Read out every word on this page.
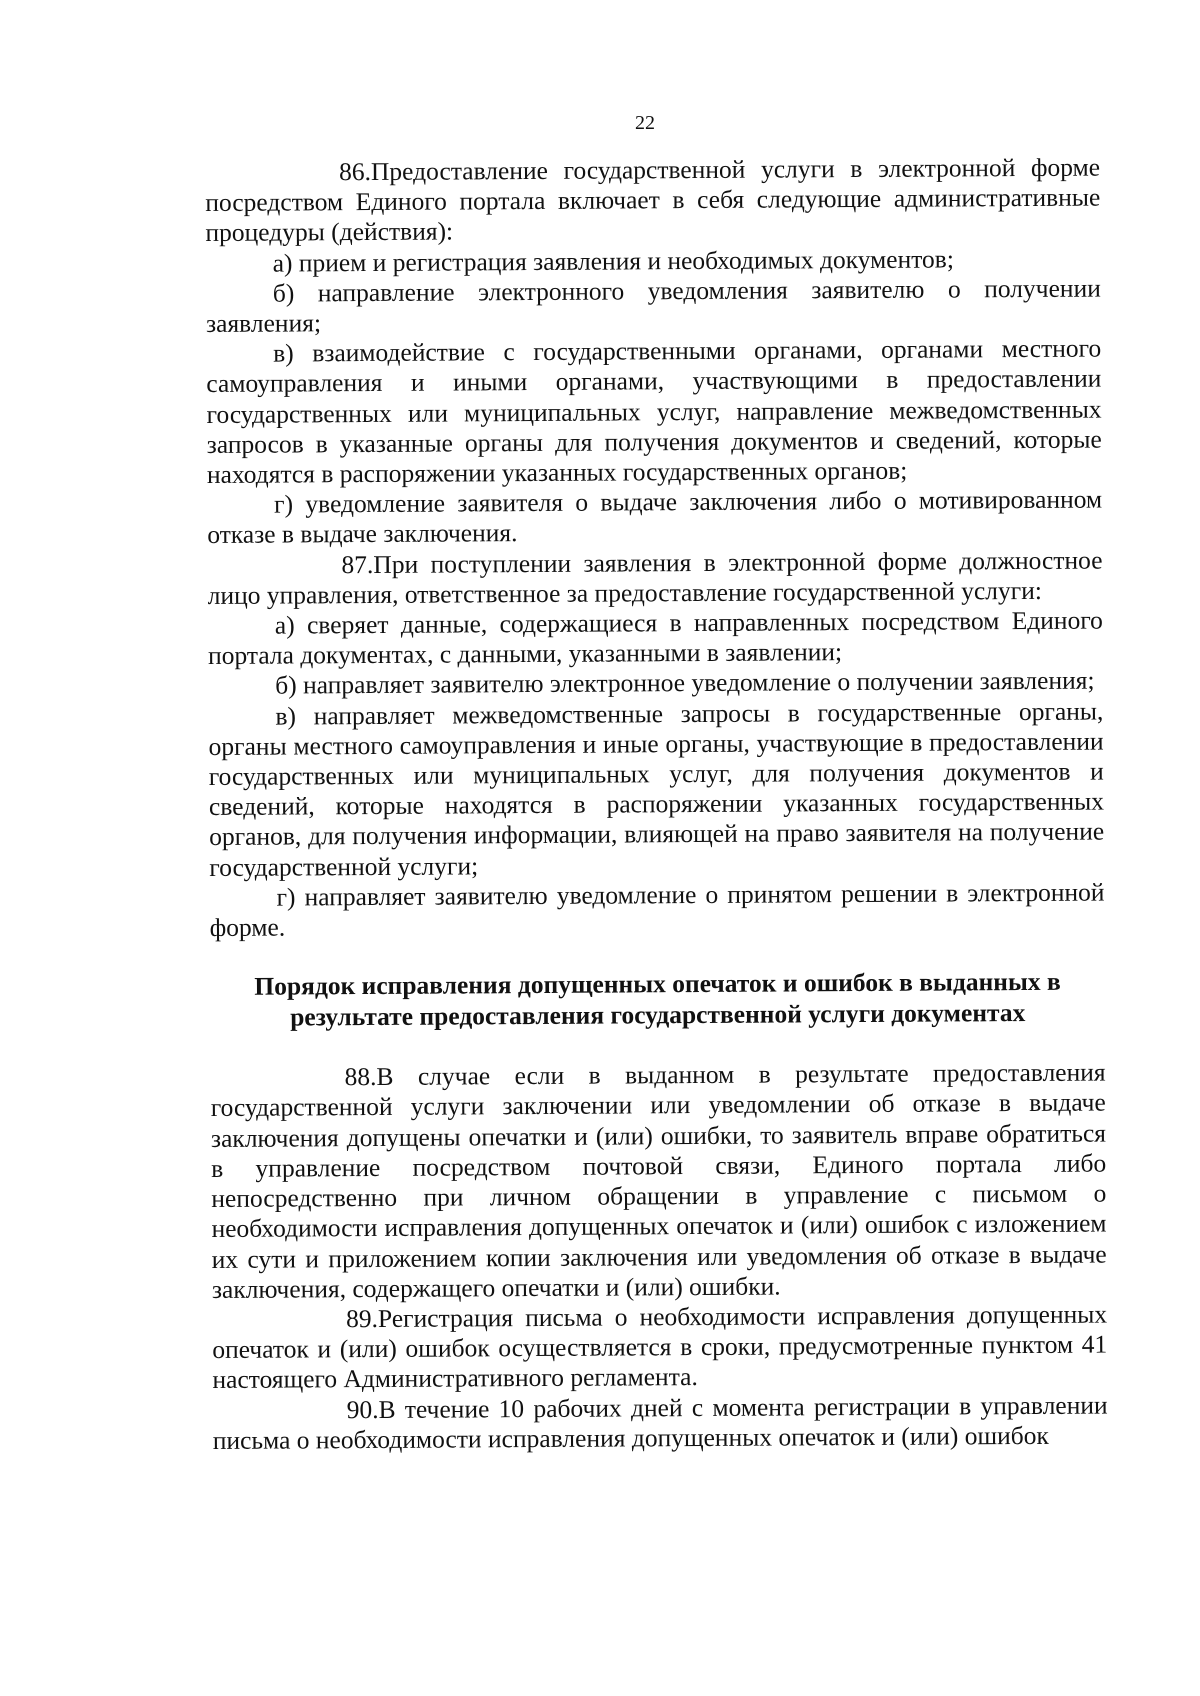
22

86.Предоставление государственной услуги в электронной форме посредством Единого портала включает в себя следующие административные процедуры (действия):

а) прием и регистрация заявления и необходимых документов;

б) направление электронного уведомления заявителю о получении заявления;

в) взаимодействие с государственными органами, органами местного самоуправления и иными органами, участвующими в предоставлении государственных или муниципальных услуг, направление межведомственных запросов в указанные органы для получения документов и сведений, которые находятся в распоряжении указанных государственных органов;

г) уведомление заявителя о выдаче заключения либо о мотивированном отказе в выдаче заключения.

87.При поступлении заявления в электронной форме должностное лицо управления, ответственное за предоставление государственной услуги:

а) сверяет данные, содержащиеся в направленных посредством Единого портала документах, с данными, указанными в заявлении;

б) направляет заявителю электронное уведомление о получении заявления;

в) направляет межведомственные запросы в государственные органы, органы местного самоуправления и иные органы, участвующие в предоставлении государственных или муниципальных услуг, для получения документов и сведений, которые находятся в распоряжении указанных государственных органов, для получения информации, влияющей на право заявителя на получение государственной услуги;

г) направляет заявителю уведомление о принятом решении в электронной форме.

Порядок исправления допущенных опечаток и ошибок в выданных в результате предоставления государственной услуги документах

88.В случае если в выданном в результате предоставления государственной услуги заключении или уведомлении об отказе в выдаче заключения допущены опечатки и (или) ошибки, то заявитель вправе обратиться в управление посредством почтовой связи, Единого портала либо непосредственно при личном обращении в управление с письмом о необходимости исправления допущенных опечаток и (или) ошибок с изложением их сути и приложением копии заключения или уведомления об отказе в выдаче заключения, содержащего опечатки и (или) ошибки.

89.Регистрация письма о необходимости исправления допущенных опечаток и (или) ошибок осуществляется в сроки, предусмотренные пунктом 41 настоящего Административного регламента.

90.В течение 10 рабочих дней с момента регистрации в управлении письма о необходимости исправления допущенных опечаток и (или) ошибок
